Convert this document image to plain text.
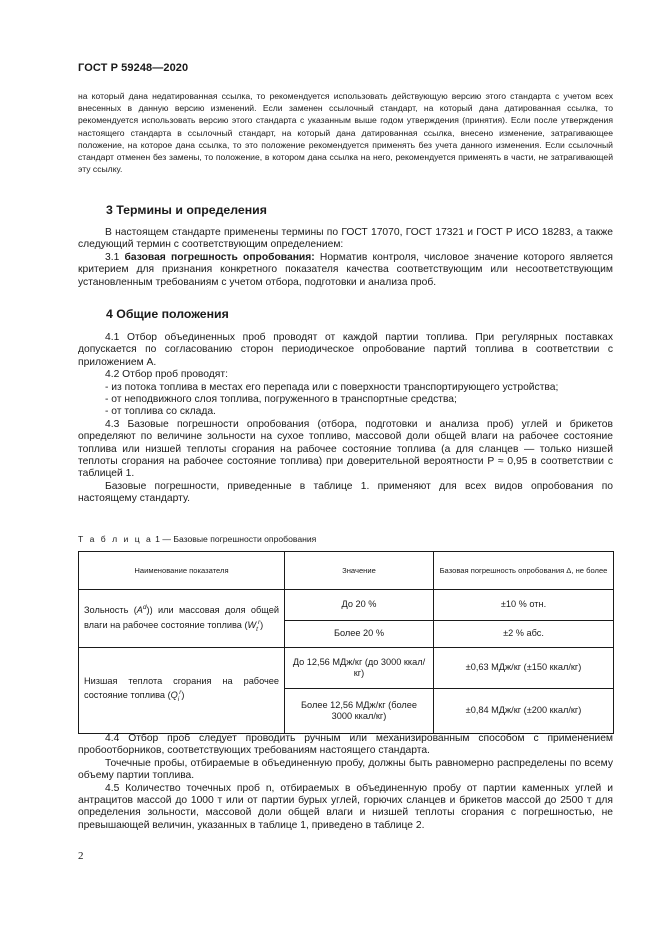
ГОСТ Р 59248—2020
на который дана недатированная ссылка, то рекомендуется использовать действующую версию этого стандарта с учетом всех внесенных в данную версию изменений. Если заменен ссылочный стандарт, на который дана датированная ссылка, то рекомендуется использовать версию этого стандарта с указанным выше годом утверждения (принятия). Если после утверждения настоящего стандарта в ссылочный стандарт, на который дана датированная ссылка, внесено изменение, затрагивающее положение, на которое дана ссылка, то это положение рекомендуется применять без учета данного изменения. Если ссылочный стандарт отменен без замены, то положение, в котором дана ссылка на него, рекомендуется применять в части, не затрагивающей эту ссылку.
3 Термины и определения

В настоящем стандарте применены термины по ГОСТ 17070, ГОСТ 17321 и ГОСТ Р ИСО 18283, а также следующий термин с соответствующим определением:

3.1 базовая погрешность опробования: Норматив контроля, числовое значение которого является критерием для признания конкретного показателя качества соответствующим или несоответствующим установленным требованиям с учетом отбора, подготовки и анализа проб.

4 Общие положения

4.1 Отбор объединенных проб проводят от каждой партии топлива. При регулярных поставках допускается по согласованию сторон периодическое опробование партий топлива в соответствии с приложением А.

4.2 Отбор проб проводят:

- из потока топлива в местах его перепада или с поверхности транспортирующего устройства;

- от неподвижного слоя топлива, погруженного в транспортные средства;

- от топлива со склада.

4.3 Базовые погрешности опробования (отбора, подготовки и анализа проб) углей и брикетов определяют по величине зольности на сухое топливо, массовой доли общей влаги на рабочее состояние топлива или низшей теплоты сгорания на рабочее состояние топлива (а для сланцев — только низшей теплоты сгорания на рабочее состояние топлива) при доверительной вероятности P ≈ 0,95 в соответствии с таблицей 1.

Базовые погрешности, приведенные в таблице 1. применяют для всех видов опробования по настоящему стандарту.

Т а б л и ц а 1 — Базовые погрешности опробования
Наименование показателя	Значение	Базовая погрешность опробования Δ, не более
Зольность $(A^d)$) или массовая доля общей влаги на рабочее состояние топлива $(W_t^r)$	До 20 %	±10 % отн.
	Более 20 %	±2 % абс.
Низшая теплота сгорания на рабочее состояние топлива $(Q_i^r)$	До 12,56 МДж/кг (до 3000 ккал/кг)	±0,63 МДж/кг (±150 ккал/кг)
	Более 12,56 МДж/кг (более 3000 ккал/кг)	±0,84 МДж/кг (±200 ккал/кг)

4.4 Отбор проб следует проводить ручным или механизированным способом с применением пробоотборников, соответствующих требованиям настоящего стандарта.

Точечные пробы, отбираемые в объединенную пробу, должны быть равномерно распределены по всему объему партии топлива.

4.5 Количество точечных проб n, отбираемых в объединенную пробу от партии каменных углей и антрацитов массой до 1000 т или от партии бурых углей, горючих сланцев и брикетов массой до 2500 т для определения зольности, массовой доли общей влаги и низшей теплоты сгорания с погрешностью, не превышающей величин, указанных в таблице 1, приведено в таблице 2.

2
